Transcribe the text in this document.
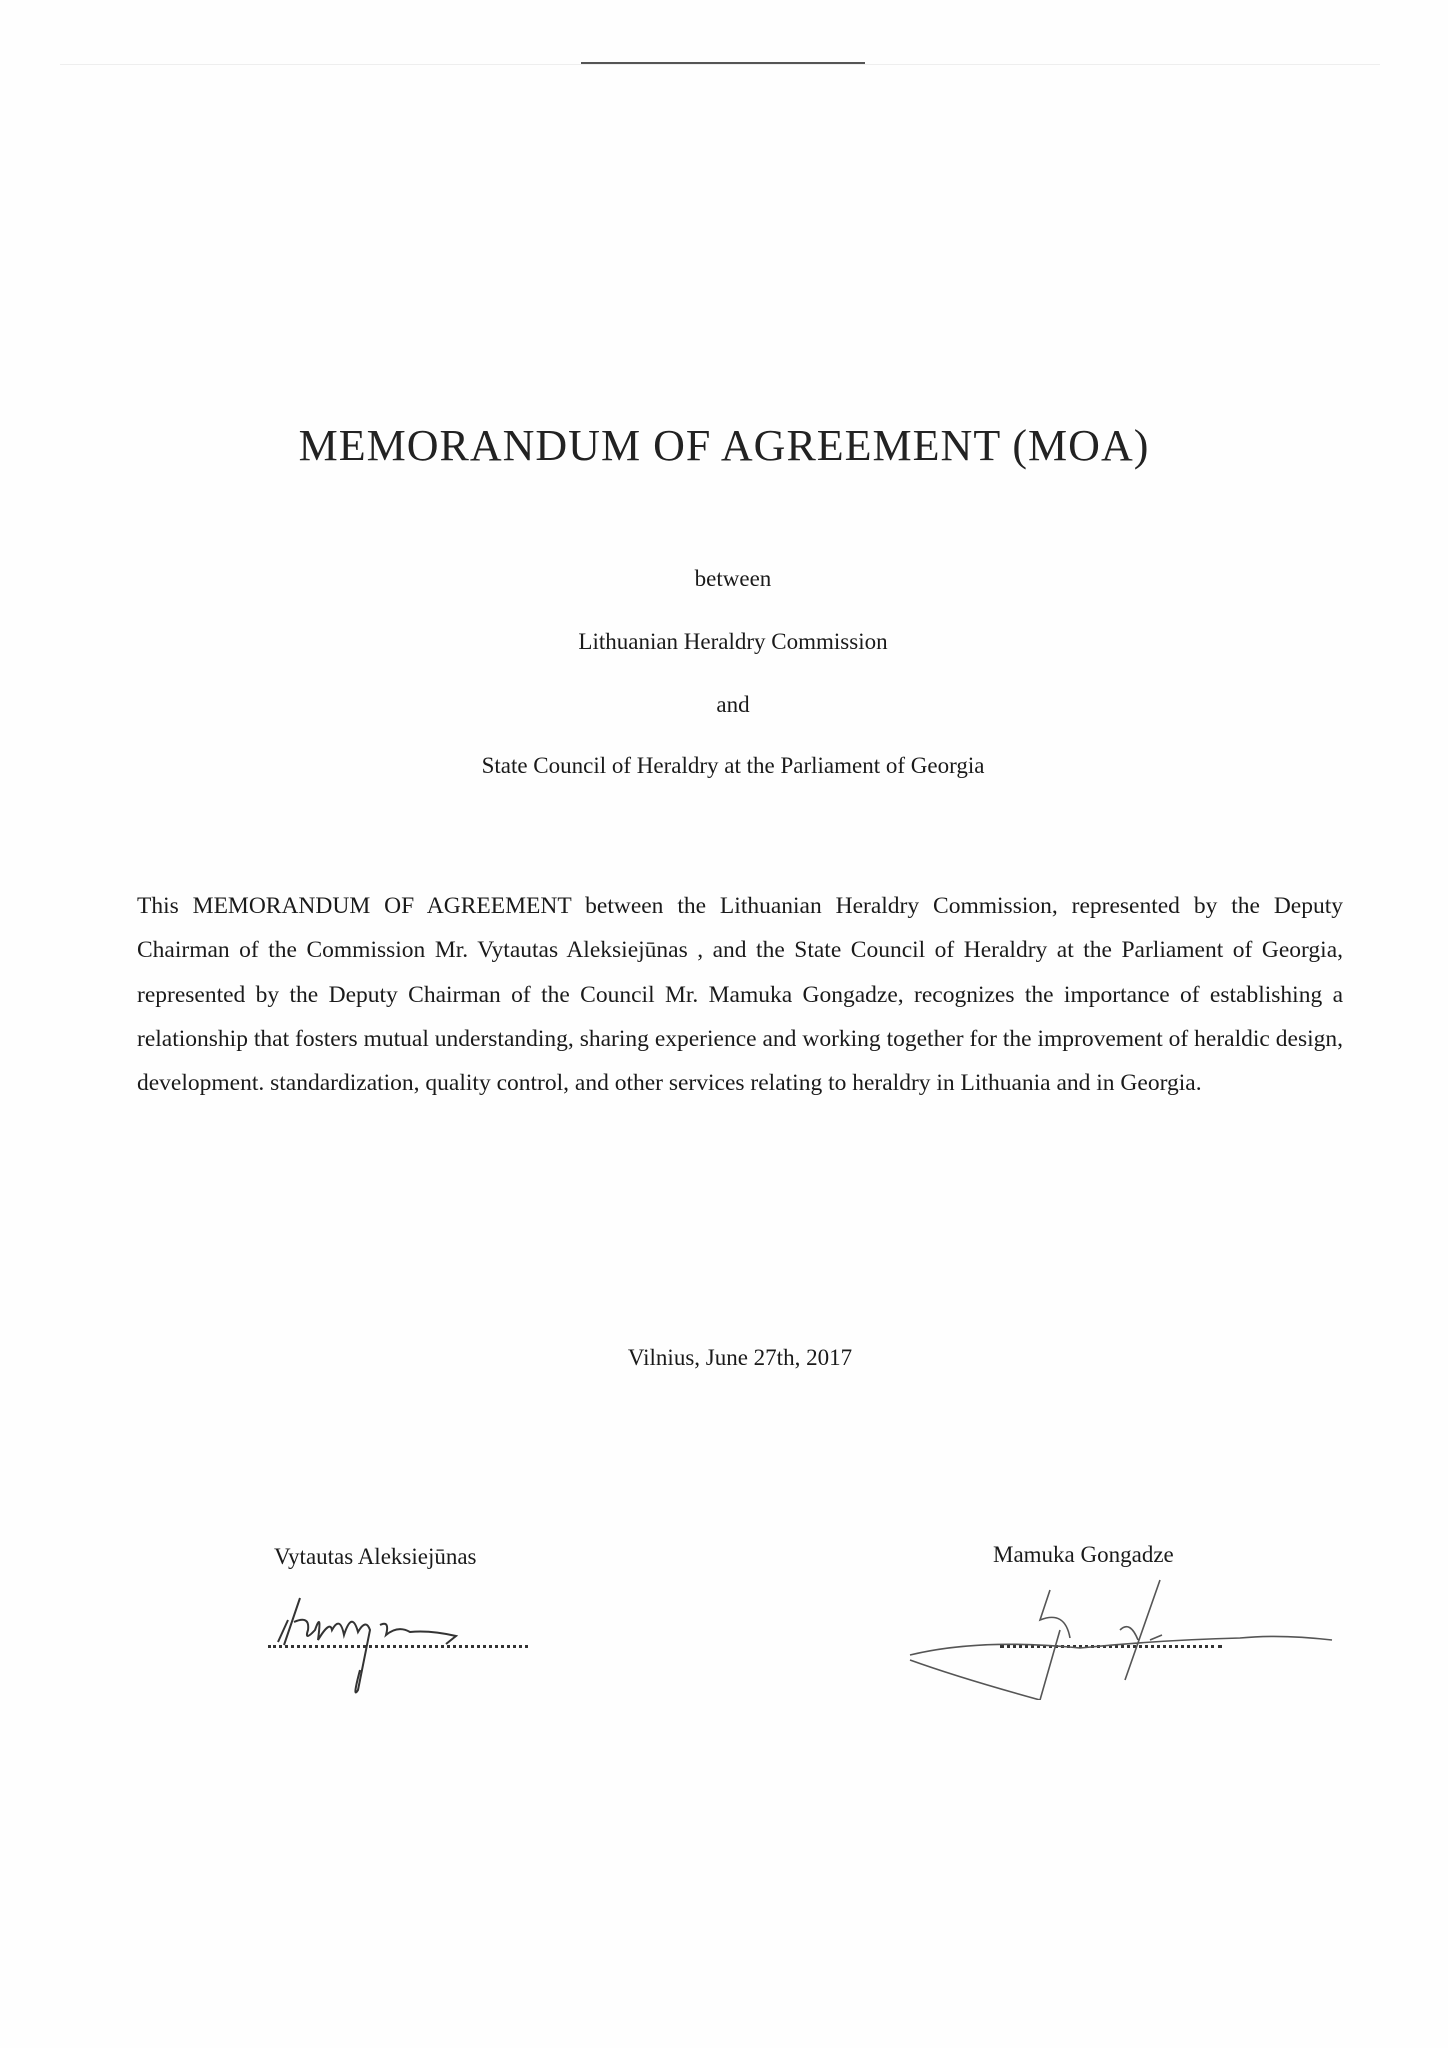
MEMORANDUM OF AGREEMENT (MOA)
between
Lithuanian Heraldry Commission
and
State Council of Heraldry at the Parliament of Georgia
This MEMORANDUM OF AGREEMENT between the Lithuanian Heraldry Commission, represented by the Deputy Chairman of the Commission Mr. Vytautas Aleksiejūnas , and the State Council of Heraldry at the Parliament of Georgia, represented by the Deputy Chairman of the Council Mr. Mamuka Gongadze, recognizes the importance of establishing a relationship that fosters mutual understanding, sharing experience and working together for the improvement of heraldic design, development. standardization, quality control, and other services relating to heraldry in Lithuania and in Georgia.
Vilnius, June 27th, 2017
Vytautas Aleksiejūnas	Mamuka Gongadze
